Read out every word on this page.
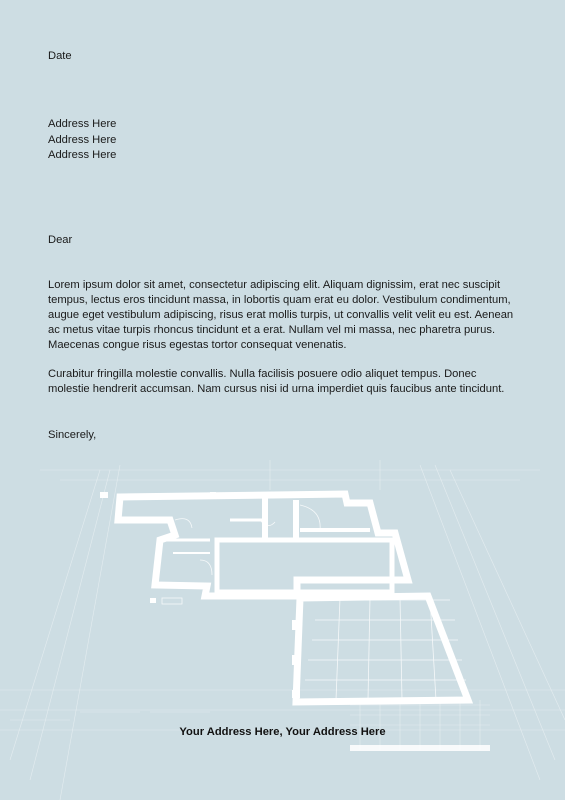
Date
Address Here
Address Here
Address Here
Dear

Lorem ipsum dolor sit amet, consectetur adipiscing elit. Aliquam dignissim, erat nec suscipit tempus, lectus eros tincidunt massa, in lobortis quam erat eu dolor. Vestibulum condimentum, augue eget vestibulum adipiscing, risus erat mollis turpis, ut convallis velit velit eu est. Aenean ac metus vitae turpis rhoncus tincidunt et a erat. Nullam vel mi massa, nec pharetra purus. Maecenas congue risus egestas tortor consequat venenatis.

Curabitur fringilla molestie convallis. Nulla facilisis posuere odio aliquet tempus. Donec molestie hendrerit accumsan. Nam cursus nisi id urna imperdiet quis faucibus ante tincidunt.

Sincerely,
Your Address Here, Your Address Here
